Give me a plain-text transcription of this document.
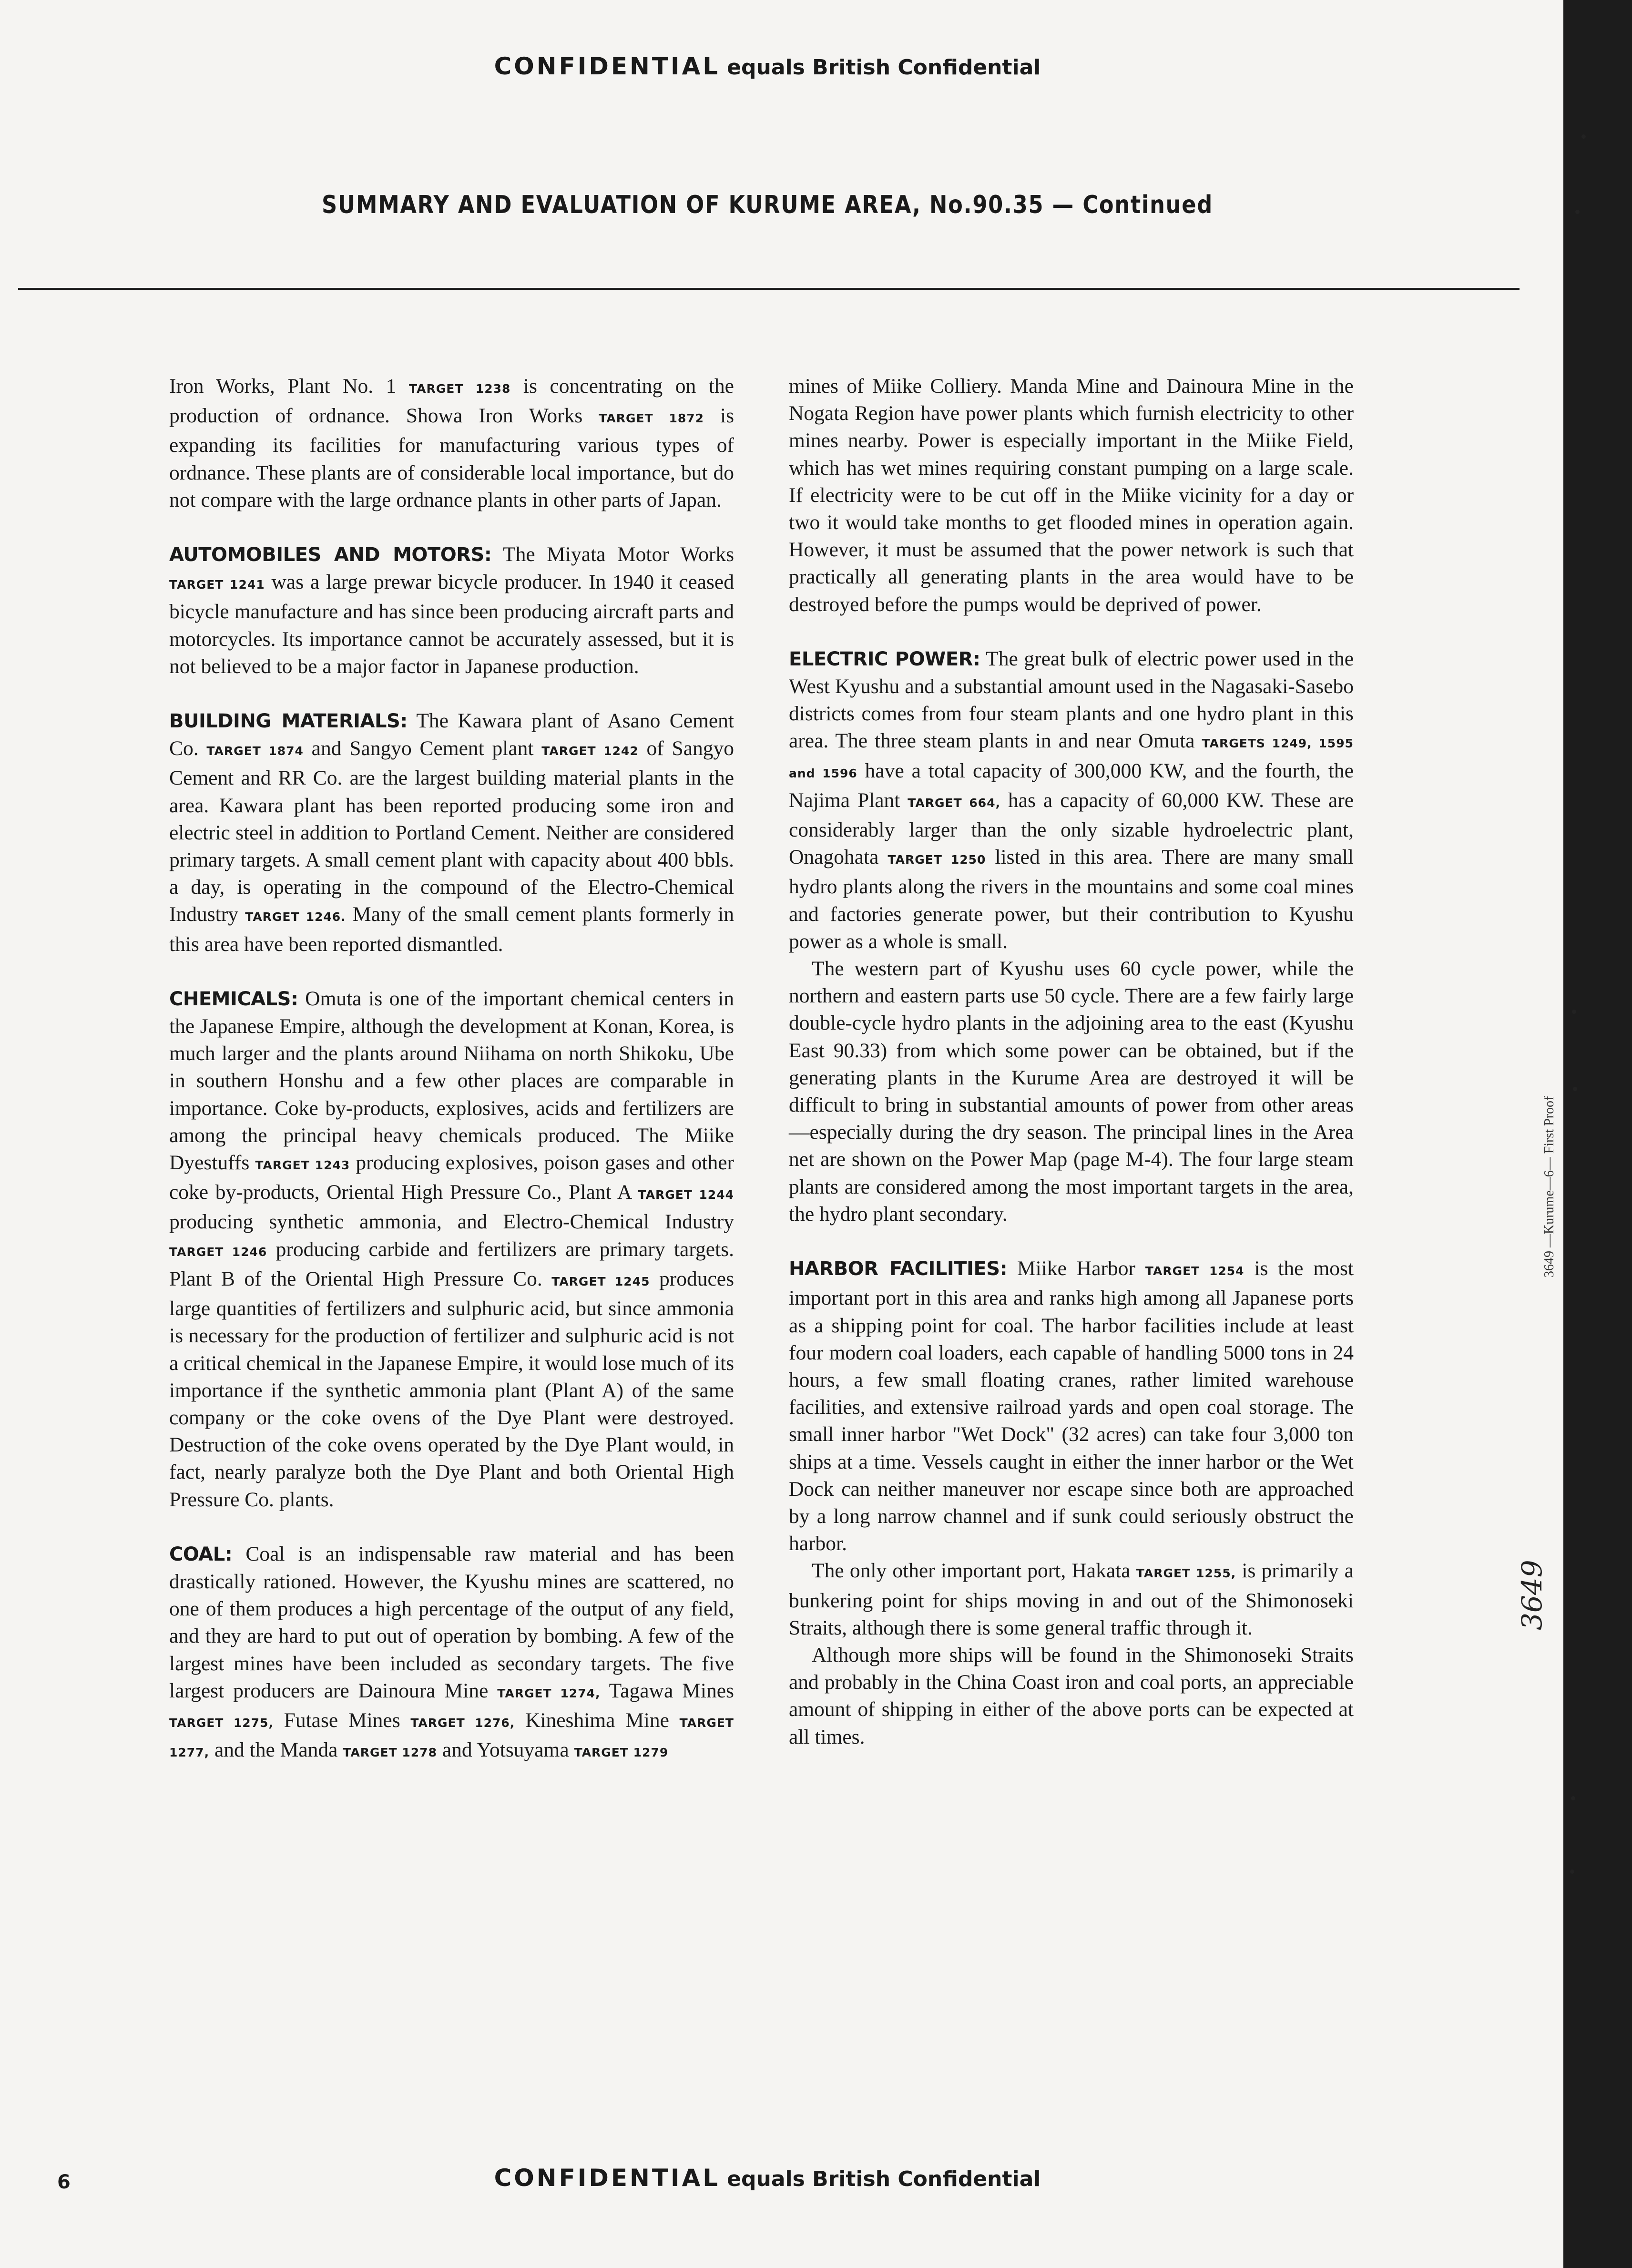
CONFIDENTIAL equals British Confidential
SUMMARY AND EVALUATION OF KURUME AREA, No.90.35 — Continued

Iron Works, Plant No. 1 TARGET 1238 is concentrating on the production of ordnance. Showa Iron Works TARGET 1872 is expanding its facilities for manufacturing various types of ordnance. These plants are of considerable local importance, but do not compare with the large ordnance plants in other parts of Japan.

AUTOMOBILES AND MOTORS: The Miyata Motor Works TARGET 1241 was a large prewar bicycle producer. In 1940 it ceased bicycle manufacture and has since been producing aircraft parts and motorcycles. Its importance cannot be accurately assessed, but it is not believed to be a major factor in Japanese production.

BUILDING MATERIALS: The Kawara plant of Asano Cement Co. TARGET 1874 and Sangyo Cement plant TARGET 1242 of Sangyo Cement and RR Co. are the largest building material plants in the area. Kawara plant has been reported producing some iron and electric steel in addition to Portland Cement. Neither are considered primary targets. A small cement plant with capacity about 400 bbls. a day, is operating in the compound of the Electro-Chemical Industry TARGET 1246. Many of the small cement plants formerly in this area have been reported dismantled.

CHEMICALS: Omuta is one of the important chemical centers in the Japanese Empire, although the development at Konan, Korea, is much larger and the plants around Niihama on north Shikoku, Ube in southern Honshu and a few other places are comparable in importance. Coke by-products, explosives, acids and fertilizers are among the principal heavy chemicals produced. The Miike Dyestuffs TARGET 1243 producing explosives, poison gases and other coke by-products, Oriental High Pressure Co., Plant A TARGET 1244 producing synthetic ammonia, and Electro-Chemical Industry TARGET 1246 producing carbide and fertilizers are primary targets. Plant B of the Oriental High Pressure Co. TARGET 1245 produces large quantities of fertilizers and sulphuric acid, but since ammonia is necessary for the production of fertilizer and sulphuric acid is not a critical chemical in the Japanese Empire, it would lose much of its importance if the synthetic ammonia plant (Plant A) of the same company or the coke ovens of the Dye Plant were destroyed. Destruction of the coke ovens operated by the Dye Plant would, in fact, nearly paralyze both the Dye Plant and both Oriental High Pressure Co. plants.

COAL: Coal is an indispensable raw material and has been drastically rationed. However, the Kyushu mines are scattered, no one of them produces a high percentage of the output of any field, and they are hard to put out of operation by bombing. A few of the largest mines have been included as secondary targets. The five largest producers are Dainoura Mine TARGET 1274, Tagawa Mines TARGET 1275, Futase Mines TARGET 1276, Kineshima Mine TARGET 1277, and the Manda TARGET 1278 and Yotsuyama TARGET 1279

mines of Miike Colliery. Manda Mine and Dainoura Mine in the Nogata Region have power plants which furnish electricity to other mines nearby. Power is especially important in the Miike Field, which has wet mines requiring constant pumping on a large scale. If electricity were to be cut off in the Miike vicinity for a day or two it would take months to get flooded mines in operation again. However, it must be assumed that the power network is such that practically all generating plants in the area would have to be destroyed before the pumps would be deprived of power.

ELECTRIC POWER: The great bulk of electric power used in the West Kyushu and a substantial amount used in the Nagasaki-Sasebo districts comes from four steam plants and one hydro plant in this area. The three steam plants in and near Omuta TARGETS 1249, 1595 and 1596 have a total capacity of 300,000 KW, and the fourth, the Najima Plant TARGET 664, has a capacity of 60,000 KW. These are considerably larger than the only sizable hydroelectric plant, Onagohata TARGET 1250 listed in this area. There are many small hydro plants along the rivers in the mountains and some coal mines and factories generate power, but their contribution to Kyushu power as a whole is small.

The western part of Kyushu uses 60 cycle power, while the northern and eastern parts use 50 cycle. There are a few fairly large double-cycle hydro plants in the adjoining area to the east (Kyushu East 90.33) from which some power can be obtained, but if the generating plants in the Kurume Area are destroyed it will be difficult to bring in substantial amounts of power from other areas—especially during the dry season. The principal lines in the Area net are shown on the Power Map (page M-4). The four large steam plants are considered among the most important targets in the area, the hydro plant secondary.

HARBOR FACILITIES: Miike Harbor TARGET 1254 is the most important port in this area and ranks high among all Japanese ports as a shipping point for coal. The harbor facilities include at least four modern coal loaders, each capable of handling 5000 tons in 24 hours, a few small floating cranes, rather limited warehouse facilities, and extensive railroad yards and open coal storage. The small inner harbor "Wet Dock" (32 acres) can take four 3,000 ton ships at a time. Vessels caught in either the inner harbor or the Wet Dock can neither maneuver nor escape since both are approached by a long narrow channel and if sunk could seriously obstruct the harbor.

The only other important port, Hakata TARGET 1255, is primarily a bunkering point for ships moving in and out of the Shimonoseki Straits, although there is some general traffic through it.

Although more ships will be found in the Shimonoseki Straits and probably in the China Coast iron and coal ports, an appreciable amount of shipping in either of the above ports can be expected at all times.

3649 —Kurume—6— First Proof
3649
6	CONFIDENTIAL equals British Confidential
